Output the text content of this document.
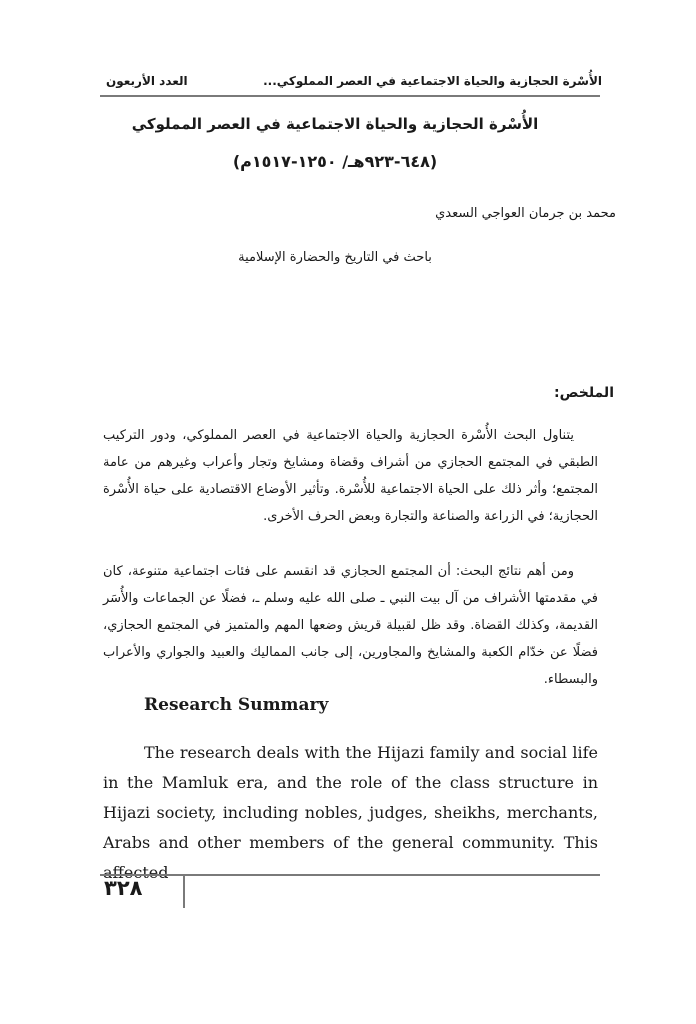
الأُسْرة الحجازية والحياة الاجتماعية في العصر المملوكي...
العدد الأربعون
الأُسْرة الحجازية والحياة الاجتماعية في العصر المملوكي
(٦٤٨-٩٢٣هـ/ ١٢٥٠-١٥١٧م)
محمد بن جرمان العواجي السعدي
باحث في التاريخ والحضارة الإسلامية
الملخص:
يتناول البحث الأُسْرة الحجازية والحياة الاجتماعية في العصر المملوكي، ودور التركيب الطبقي في المجتمع الحجازي من أشراف وقضاة ومشايخ وتجار وأعراب وغيرهم من عامة المجتمع؛ وأثر ذلك على الحياة الاجتماعية للأُسْرة. وتأثير الأوضاع الاقتصادية على حياة الأُسْرة الحجازية؛ في الزراعة والصناعة والتجارة وبعض الحرف الأخرى.
ومن أهم نتائج البحث: أن المجتمع الحجازي قد انقسم على فئات اجتماعية متنوعة، كان في مقدمتها الأشراف من آل بيت النبي ـ صلى الله عليه وسلم ـ، فضلًا عن الجماعات والأُسَر القديمة، وكذلك القضاة. وقد ظل لقبيلة قريش وضعها المهم والمتميز في المجتمع الحجازي، فضلًا عن خدّام الكعبة والمشايخ والمجاورين، إلى جانب المماليك والعبيد والجواري والأعراب والبسطاء.
Research Summary
The research deals with the Hijazi family and social life in the Mamluk era, and the role of the class structure in Hijazi society, including nobles, judges, sheikhs, merchants, Arabs and other members of the general community. This affected
٣٢٨
